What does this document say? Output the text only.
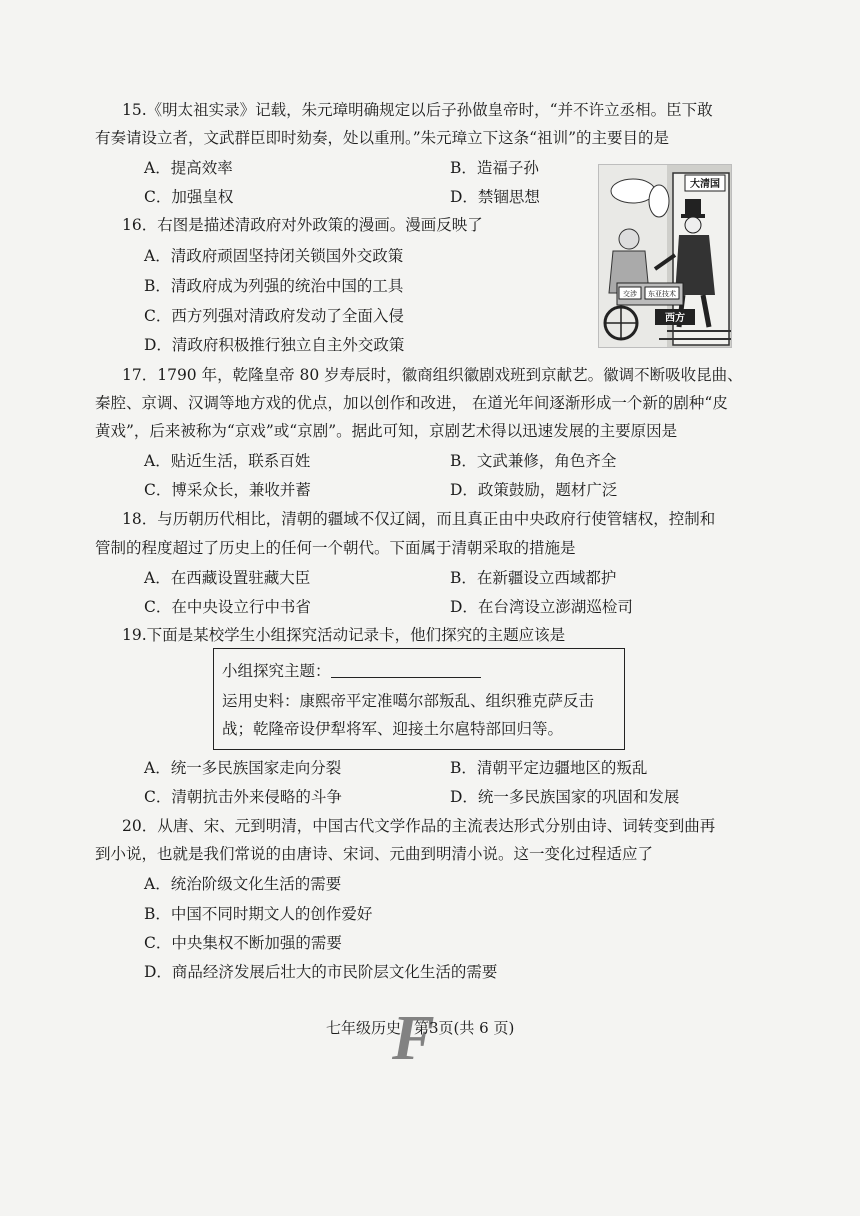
15.《明太祖实录》记载，朱元璋明确规定以后子孙做皇帝时，“并不许立丞相。臣下敢
有奏请设立者，文武群臣即时劾奏，处以重刑。”朱元璋立下这条“祖训”的主要目的是
A．提高效率	B．造福子孙
C．加强皇权	D．禁锢思想
16．右图是描述清政府对外政策的漫画。漫画反映了
A．清政府顽固坚持闭关锁国外交政策
B．清政府成为列强的统治中国的工具
C．西方列强对清政府发动了全面入侵
D．清政府积极推行独立自主外交政策
大清国
交涉 东亚技术
西方
17．1790 年，乾隆皇帝 80 岁寿辰时，徽商组织徽剧戏班到京献艺。徽调不断吸收昆曲、
秦腔、京调、汉调等地方戏的优点，加以创作和改进， 在道光年间逐渐形成一个新的剧种“皮
黄戏”，后来被称为“京戏”或“京剧”。据此可知，京剧艺术得以迅速发展的主要原因是
A．贴近生活，联系百姓	B．文武兼修，角色齐全
C．博采众长，兼收并蓄	D．政策鼓励，题材广泛
18．与历朝历代相比，清朝的疆域不仅辽阔，而且真正由中央政府行使管辖权，控制和
管制的程度超过了历史上的任何一个朝代。下面属于清朝采取的措施是
A．在西藏设置驻藏大臣	B．在新疆设立西域都护
C．在中央设立行中书省	D．在台湾设立澎湖巡检司
19.下面是某校学生小组探究活动记录卡，他们探究的主题应该是
小组探究主题：
运用史料：康熙帝平定准噶尔部叛乱、组织雅克萨反击
战；乾隆帝设伊犁将军、迎接土尔扈特部回归等。
A．统一多民族国家走向分裂	B．清朝平定边疆地区的叛乱
C．清朝抗击外来侵略的斗争	D．统一多民族国家的巩固和发展
20．从唐、宋、元到明清，中国古代文学作品的主流表达形式分别由诗、词转变到曲再
到小说，也就是我们常说的由唐诗、宋词、元曲到明清小说。这一变化过程适应了
A．统治阶级文化生活的需要
B．中国不同时期文人的创作爱好
C．中央集权不断加强的需要
D．商品经济发展后壮大的市民阶层文化生活的需要
F
七年级历史 第3页(共 6 页)
